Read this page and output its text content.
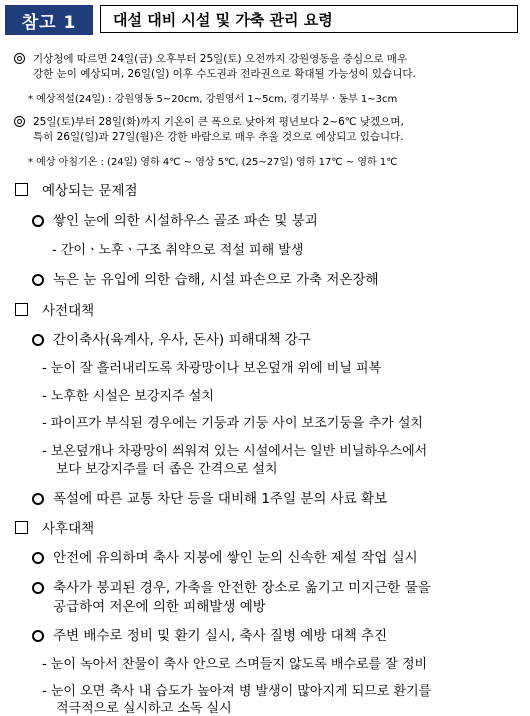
참고 1	대설 대비 시설 및 가축 관리 요령
기상청에 따르면 24일(금) 오후부터 25일(토) 오전까지 강원영동을 중심으로 매우
강한 눈이 예상되며, 26일(일) 이후 수도권과 전라권으로 확대될 가능성이 있습니다.
* 예상적설(24일) : 강원영동 5~20cm, 강원영서 1~5cm, 경기북부ㆍ동부 1~3cm
25일(토)부터 28일(화)까지 기온이 큰 폭으로 낮아져 평년보다 2~6℃ 낮겠으며,
특히 26일(일)과 27일(월)은 강한 바람으로 매우 추울 것으로 예상되고 있습니다.
* 예상 아침기온 : (24일) 영하 4℃ ~ 영상 5℃, (25~27일) 영하 17℃ ~ 영하 1℃
예상되는 문제점
쌓인 눈에 의한 시설하우스 골조 파손 및 붕괴
- 간이ㆍ노후ㆍ구조 취약으로 적설 피해 발생
녹은 눈 유입에 의한 습해, 시설 파손으로 가축 저온장해
사전대책
간이축사(육계사, 우사, 돈사) 피해대책 강구
- 눈이 잘 흘러내리도록 차광망이나 보온덮개 위에 비닐 피복
- 노후한 시설은 보강지주 설치
- 파이프가 부식된 경우에는 기둥과 기둥 사이 보조기둥을 추가 설치
- 보온덮개나 차광망이 씌워져 있는 시설에서는 일반 비닐하우스에서
보다 보강지주를 더 좁은 간격으로 설치
폭설에 따른 교통 차단 등을 대비해 1주일 분의 사료 확보
사후대책
안전에 유의하며 축사 지붕에 쌓인 눈의 신속한 제설 작업 실시
축사가 붕괴된 경우, 가축을 안전한 장소로 옮기고 미지근한 물을
공급하여 저온에 의한 피해발생 예방
주변 배수로 정비 및 환기 실시, 축사 질병 예방 대책 추진
- 눈이 녹아서 찬물이 축사 안으로 스며들지 않도록 배수로를 잘 정비
- 눈이 오면 축사 내 습도가 높아져 병 발생이 많아지게 되므로 환기를
적극적으로 실시하고 소독 실시
